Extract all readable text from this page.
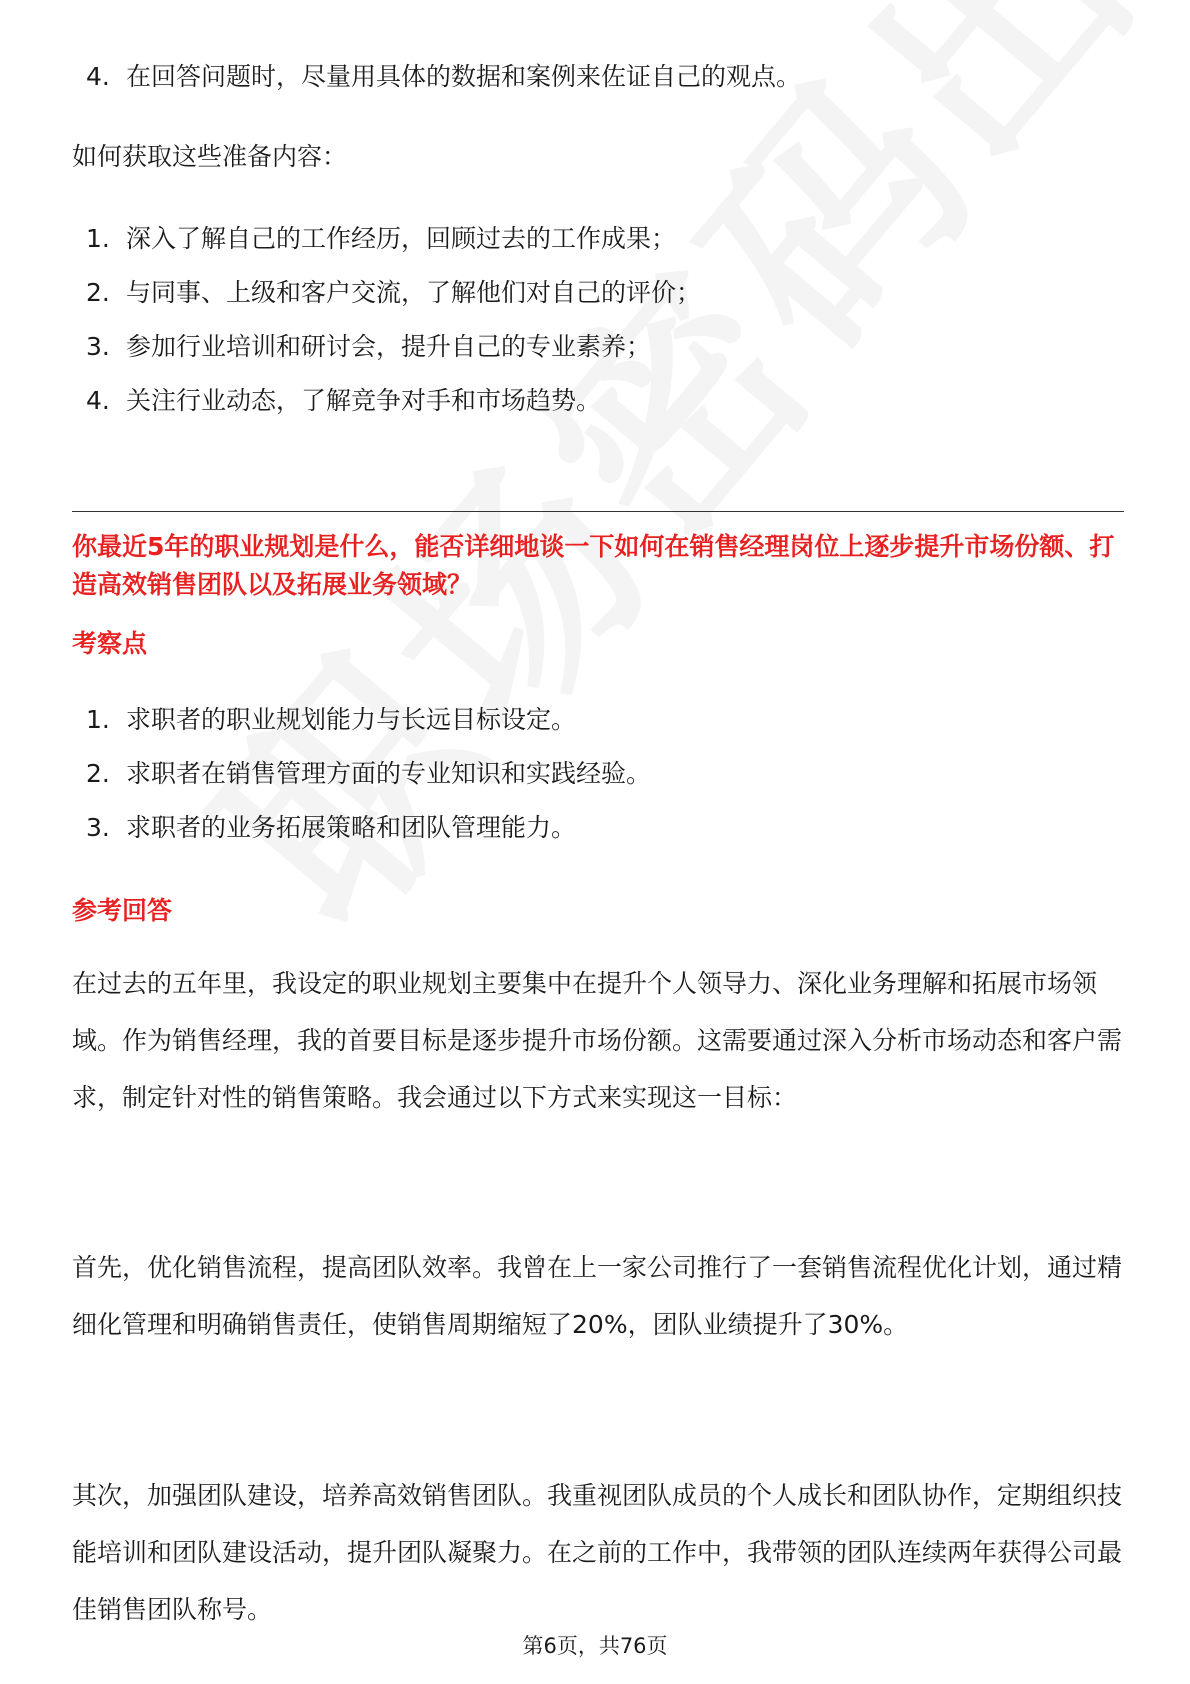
4. 在回答问题时，尽量用具体的数据和案例来佐证自己的观点。
如何获取这些准备内容：
1. 深入了解自己的工作经历，回顾过去的工作成果；
2. 与同事、上级和客户交流，了解他们对自己的评价；
3. 参加行业培训和研讨会，提升自己的专业素养；
4. 关注行业动态，了解竞争对手和市场趋势。
你最近5年的职业规划是什么，能否详细地谈一下如何在销售经理岗位上逐步提升市场份额、打造高效销售团队以及拓展业务领域？
考察点
1. 求职者的职业规划能力与长远目标设定。
2. 求职者在销售管理方面的专业知识和实践经验。
3. 求职者的业务拓展策略和团队管理能力。
参考回答
在过去的五年里，我设定的职业规划主要集中在提升个人领导力、深化业务理解和拓展市场领域。作为销售经理，我的首要目标是逐步提升市场份额。这需要通过深入分析市场动态和客户需求，制定针对性的销售策略。我会通过以下方式来实现这一目标：
首先，优化销售流程，提高团队效率。我曾在上一家公司推行了一套销售流程优化计划，通过精细化管理和明确销售责任，使销售周期缩短了20%，团队业绩提升了30%。
其次，加强团队建设，培养高效销售团队。我重视团队成员的个人成长和团队协作，定期组织技能培训和团队建设活动，提升团队凝聚力。在之前的工作中，我带领的团队连续两年获得公司最佳销售团队称号。
第6页，共76页
